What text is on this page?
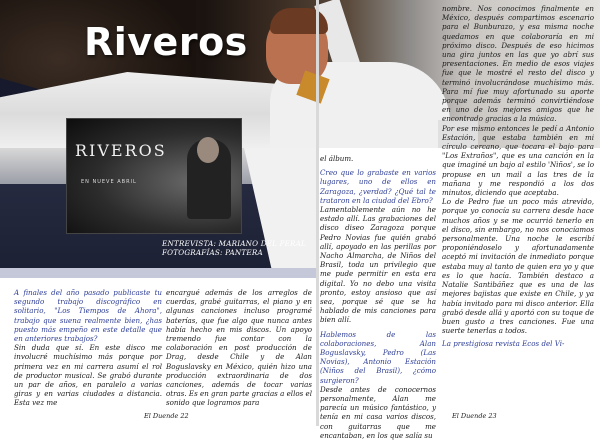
Riveros
RIVEROS
EN NUEVE ABRIL
ENTREVISTA: MARIANO DEL PERAL
FOTOGRAFÍAS: PANTERA

A finales del año pasado publicaste tu segundo trabajo discográfico en solitario, "Los Tiempos de Ahora", trabajo que suena realmente bien, ¿has puesto más empeño en este detalle que en anteriores trabajos?

Sin duda que sí. En este disco me involucré muchísimo más porque por primera vez en mi carrera asumí el rol de productor musical. Se grabó durante un par de años, en paralelo a varias giras y en varias ciudades a distancia. Esta vez me

encargué además de los arreglos de cuerdas, grabé guitarras, el piano y en algunas canciones incluso programé baterías, que fue algo que nunca antes había hecho en mis discos. Un apoyo tremendo fue contar con la colaboración en post producción de Drag, desde Chile y de Alan Boguslavsky en México, quién hizo una producción extraordinaria de dos canciones, además de tocar varias otras. Es en gran parte gracias a ellos el sonido que logramos para

el álbum.

Creo que lo grabaste en varios lugares, uno de ellos en Zaragoza, ¿verdad? ¿Qué tal te trataron en la ciudad del Ebro?

Lamentablemente aún no he estado allí. Las grabaciones del disco diseo Zaragoza porque Pedro Novias fue quién grabó allí, apoyado en las perillas por Nacho Almarcha, de Niños del Brasil, toda un privilegio que me pude permitir en esta era digital. Yo no debo una visita pronto, estoy ansioso que así sea, porque sé que se ha hablado de mis canciones para bien allí.

Hablemos de las colaboraciones, Alan Boguslavsky, Pedro (Las Novias), Antonio Estación (Niños del Brasil), ¿cómo surgieron?

Desde antes de conocernos personalmente, Alan me parecía un músico fantástico, y tenía en mi casa varios discos, con guitarras que me encantaban, en los que salía su

nombre. Nos conocimos finalmente en México, después compartimos escenario para el Bunburazo, y esa misma noche quedamos en que colaboraría en mi próximo disco. Después de eso hicimos una gira juntos en las que yo abrí sus presentaciones. En medio de esos viajes fue que le mostré el resto del disco y terminó involucrándose muchísimo más. Para mí fue muy afortunado su aporte porque además terminó convirtiéndose en uno de los mejores amigos que he encontrado gracias a la música.

Por ese mismo entonces le pedí a Antonio Estación, que estaba también en mi círculo cercano, que tocara el bajo para "Los Extraños", que es una canción en la que imaginé un bajo al estilo 'Niños', se lo propuse en un mail a las tres de la mañana y me respondió a los dos minutos, diciendo que aceptaba.

Lo de Pedro fue un poco más atrevido, porque yo conocía su carrera desde hace muchos años y se me ocurrió tenerlo en el disco, sin embargo, no nos conocíamos personalmente. Una noche le escribí proponiéndoselo y afortunadamente aceptó mi invitación de inmediato porque estaba muy al tanto de quien era yo y que es lo que hacía. También destaco a Natalie Santibáñez que es una de las mejores bajistas que existe en Chile, y ya había invitado para mi disco anterior. Ella grabó desde allá y aportó con su toque de buen gusto a tres canciones. Fue una suerte tenerlas a todos.

La prestigiosa revista Ecos del Vi-

El Duende 22	El Duende 23
